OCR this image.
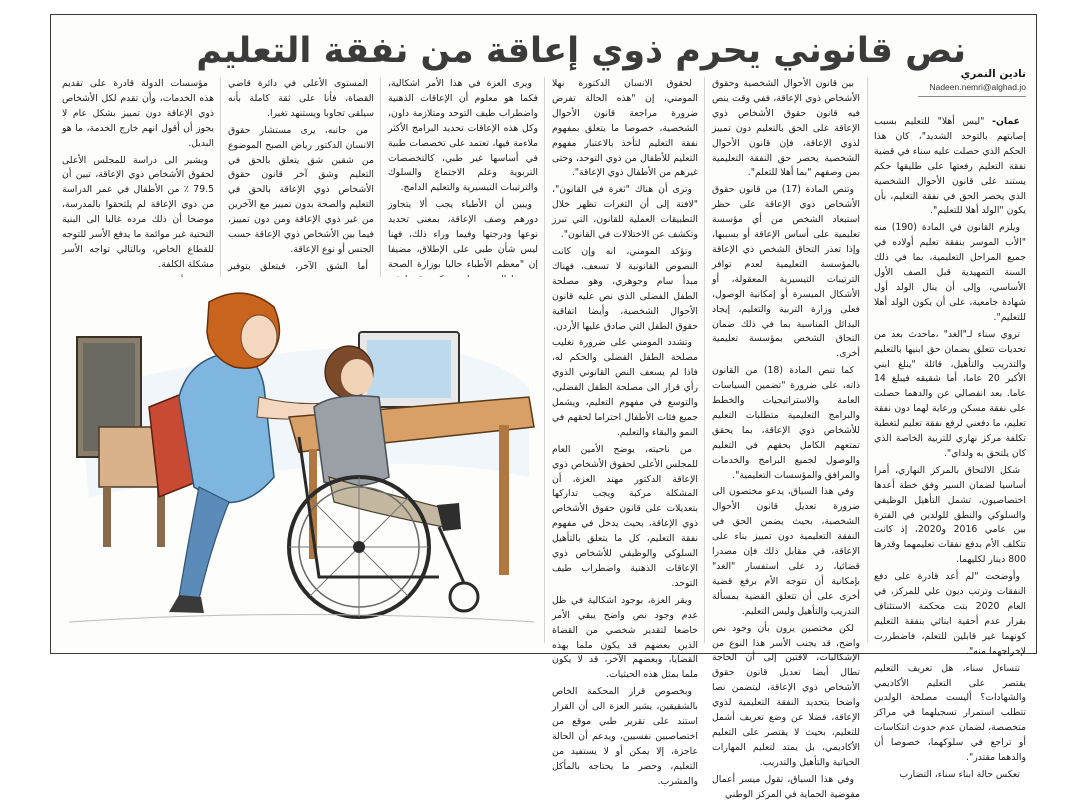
نص قانوني يحرم ذوي إعاقة من نفقة التعليم
نادين النمري
Nadeen.nemri@alghad.jo

عمان- "ليس أهلا" للتعليم بسبب إصابتهم بالتوحد الشديد"، كان هذا الحكم الذي حصلت عليه سناء في قضية نفقة التعليم رفعتها على طليقها حكم يستند على قانون الأحوال الشخصية الذي يحصر الحق في نفقة التعليم، بأن يكون "الولد أهلا للتعليم".

ويلزم القانون في المادة (190) منه "الأب الموسر بنفقة تعليم أولاده في جميع المراحل التعليمية، بما في ذلك السنة التمهيدية قبل الصف الأول الأساسي، وإلى أن ينال الولد أول شهادة جامعية، على أن يكون الولد أهلا للتعليم".

تروي سناء لـ"الغد" ،ماحدث بعد من تحديات تتعلق بضمان حق ابنيها بالتعليم والتدريب والتأهيل، قائلة "ينلغ ابني الأكبر 20 عاما، أما شقيقه فيبلغ 14 عاما. بعد انفصالي عن والدهما حصلت على نفقة مسكن ورعاية لهما دون نفقة تعليم، ما دفعني لرفع نفقة تعليم لتغطية تكلفة مركز نهاري للتربية الخاصة الذي كان يلتحق به ولداي".

شكل الالتحاق بالمركز النهاري، أمرا أساسيا لضمان السير وفق خطة أعدها اختصاصيون، تشمل التأهيل الوظيفي والسلوكي والنطق للولدين في الفترة بين عامي 2016 و2020، إذ كانت تتكلف الأم بدفع نفقات تعليمهما وقدرها 800 دينار لكليهما.

وأوضحت "لم أعد قادرة على دفع النفقات وترتب ديون علي للمركز، في العام 2020 بتت محكمة الاستئناف بقرار عدم أحقية ابنائي بنفقة التعليم كونهما غير قابلين للتعلم، فاضطررت لإخراجهما منه".

تتساءل سناء، هل تعريف التعليم يقتصر على التعليم الأكاديمي والشهادات؟ أليست مصلحة الولدين تتطلب استمرار تسجيلهما في مراكز متخصصة، لضمان عدم حدوث انتكاسات أو تراجع في سلوكهما، خصوصا أن والدهما مقتدر".

تعكس حالة ابناء سناء، التضارب

بين قانون الأحوال الشخصية وحقوق الأشخاص ذوي الإعاقة، ففي وقت ينص فيه قانون حقوق الأشخاص ذوي الإعاقة على الحق بالتعليم دون تمييز لذوي الإعاقة، فإن قانون الأحوال الشخصية يحصر حق النفقة التعليمية بمن وصفهم "بما أهلا للتعلم".

وتنص المادة (17) من قانون حقوق الأشخاص ذوي الإعاقة على حظر استبعاد الشخص من أي مؤسسة تعليمية على أساس الإعاقة أو بسببها، وإذا تعذر التحاق الشخص ذي الإعاقة بالمؤسسة التعليمية لعدم توافر الترتيبات التيسيرية المعقولة، أو الأشكال الميسرة أو إمكانية الوصول، فعلى وزارة التربية والتعليم، إيجاد البدائل المناسبة بما في ذلك ضمان التحاق الشخص بمؤسسة تعليمية أخرى.

كما تنص المادة (18) من القانون ذاته، على ضرورة "تضمين السياسات العامة والاستراتيجيات والخطط والبرامج التعليمية متطلبات التعليم للأشخاص ذوي الإعاقة، بما يحقق تمتعهم الكامل بحقهم في التعليم والوصول لجميع البرامج والخدمات والمرافق والمؤسسات التعليمية".

وفي هذا السياق، يدعو مختصون الى ضرورة تعديل قانون الأحوال الشخصية، بحيث يضمن الحق في النفقة التعليمية دون تمييز بناء على الإعاقة، في مقابل ذلك فإن مصدرا قضائيا، رد على استفسار "الغد" بإمكانية أن تتوجه الأم برفع قضية أخرى على أن تتعلق القضية بمسألة التدريب والتأهيل وليس التعليم.

لكن مختصين يرون بأن وجود نص واضح، قد يجنب الأسر هذا النوع من الإشكاليات، لافتين إلى أن الحاجة تطال أيضا تعديل قانون حقوق الأشخاص ذوي الإعاقة، ليتضمن نصا واضحا بتحديد النفقة التعليمية لذوي الإعاقة، فضلا عن وضع تعريف أشمل للتعليم، بحيث لا يقتصر على التعليم الأكاديمي، بل يمتد لتعليم المهارات الحياتية والتأهيل والتدريب.

وفي هذا السياق، تقول ميسر أعمال مفوضية الحماية في المركز الوطني

لحقوق الانسان الدكتورة نهلا المومني، إن "هذه الحالة تفرض ضرورة مراجعة قانون الأحوال الشخصية، خصوصا ما يتعلق بمفهوم نفقة التعليم لتأخذ بالاعتبار مفهوم التعليم للأطفال من ذوي التوحد، وحتى غيرهم من الأطفال ذوي الإعاقة".

وترى أن هناك "ثغرة في القانون"، "لافتة إلى أن الثغرات تظهر خلال التطبيقات العملية للقانون، التي تبرز وتكشف عن الاختلالات في القانون".

وتؤكد المومني، انه وإن كانت النصوص القانونية لا تسعف، فهناك مبدأ سام وجوهري، وهو مصلحة الطفل الفضلى الذي نص عليه قانون الأحوال الشخصية، وأيضا اتفاقية حقوق الطفل التي صادق عليها الأردن.

وتشدد المومني على ضرورة تغليب مصلحة الطفل الفضلى والحكم له، فاذا لم يسعف النص القانوني الذوي رأي قرار الى مصلحة الطفل الفضلى، والتوسع في مفهوم التعليم، ويشمل جميع فئات الأطفال احتراما لحقهم في النمو والبقاء والتعليم.

من ناحيته، يوضح الأمين العام للمجلس الأعلى لحقوق الأشخاص ذوي الإعاقة الدكتور مهند العزة، أن المشكلة مركبة ويجب تداركها بتعديلات على قانون حقوق الأشخاص ذوي الإعاقة، بحيث يدخل في مفهوم نفقة التعليم، كل ما يتعلق بالتأهيل السلوكي والوظيفي للأشخاص ذوي الإعاقات الذهنية واضطراب طيف التوحد.

ويقر العزة، بوجود اشكالية في ظل عدم وجود نص واضح يبقي الأمر خاضعا لتقدير شخصي من القضاة الذين بعضهم قد يكون ملما بهذه القضايا، وبعضهم الآخر، قد لا يكون ملما بمثل هذه الحيثيات.

وبخصوص قرار المحكمة الخاص بالشقيقين، يشير العزة الى أن القرار استند على تقرير طبي موقع من اختصاصيين نفسيين، ويدعم أن الحالة عاجزة، إلا يمكن أو لا يستفيد من التعليم، وحصر ما يحتاجه بالمأكل والمشرب.

ويرى العزة في هذا الأمر اشكالية، فكما هو معلوم أن الإعاقات الذهنية واضطراب طيف التوحد ومتلازمة داون، وكل هذه الإعاقات تحديد البرامج الأكثر ملاءمة فيها، تعتمد على تخصصات طبية في أساسها غير طبي، كالتخصصات التربوية وعلم الاجتماع والسلوك والترتيبات التيسيرية والتعليم الدامج.

ويبين أن الأطباء يجب ألا يتجاوز دورهم وصف الإعاقة، بمعنى تحديد نوعها ودرجتها وفيما وراء ذلك، فهنا ليس شأن طبي على الإطلاق، مضيفا إن "معظم الأطباء حاليا بوزارة الصحة

المستوى الأعلى في دائرة قاضي القضاة، فأنا على ثقة كاملة بأنه سيلقى تجاوبا ويستنهد تغيرا.

من جانبه، يرى مستشار حقوق الانسان الدكتور رياض الصبح الموضوع من شقين شق يتعلق بالحق في التعليم وشق آخر قانون حقوق الأشخاص ذوي الإعاقة بالحق في التعليم والصحة بدون تمييز مع الآخرين من غير ذوي الإعاقة ومن دون تمييز، فيما بين الأشخاص ذوي الإعاقة حسب الجنس أو نوع الإعاقة.

أما الشق الآخر، فيتعلق بتوفير

مؤسسات الدولة قادرة على تقديم هذه الخدمات، وأن تقدم لكل الأشخاص ذوي الإعاقة دون تمييز بشكل عام لا يجوز أن أقول انهم خارج الخدمة، ما هو البديل.

ويشير الى دراسة للمجلس الأعلى لحقوق الأشخاص ذوي الإعاقة، تبين أن 79.5 ٪ من الأطفال في عمر الدراسة من ذوي الإعاقة لم يلتحقوا بالمدرسة، موضحا أن ذلك مرده غالبا الى البنية التحتية غير موائمة ما يدفع الأسر للتوجه للقطاع الخاص، وبالتالي تواجه الأسر مشكلة الكلفة.
